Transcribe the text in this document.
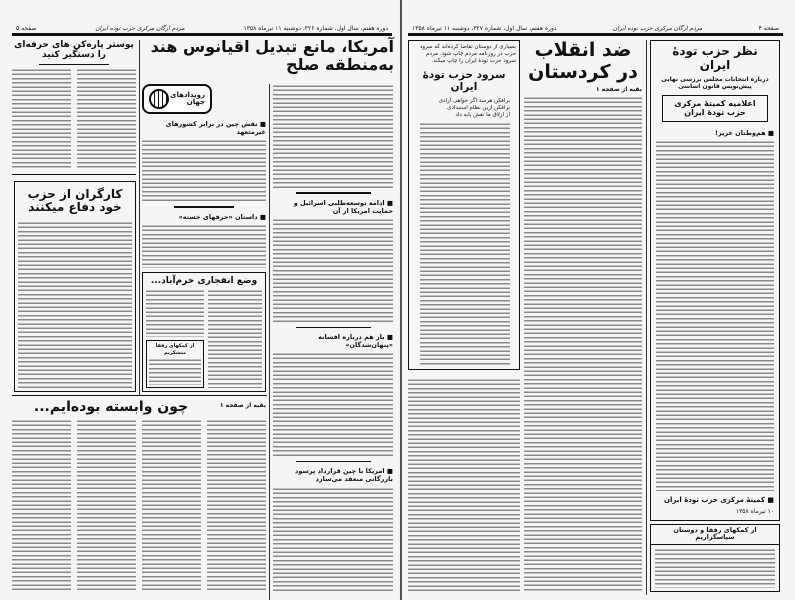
صفحه ۵	مردم ارگان مرکزی حزب توده ایران	دوره هفتم، سال اول، شماره ۳۲۶، دوشنبه ۱۱ تیرماه ۱۳۵۸
پوستر پاره‌کن های حرفه‌ای را دستگیر کنید
کارگران از حزب خود دفاع میکنند
آمریکا، مانع تبدیل اقیانوس هند به‌منطقه صلح
رویدادهای جهان
■ نقش چین در برابر کشورهای غیرمتعهد
■ داستان «حرفهای خسته»
وضع انفجاری خرم‌آباد...
از کمکهای رفقا متشکریم
■ ادامه توسعه‌طلبی اسرائیل و حمایت امریکا از آن
■ باز هم درباره افسانه «پنهان‌شدگان»
■ امریکا با چین قرارداد پرسود بازرگانی منعقد می‌سازد
بقیه از صفحه ۱
چون وابسته بوده‌ایم...
دوره هفتم، سال اول، شماره ۳۲۷، دوشنبه ۱۱ تیرماه ۱۳۵۸	مردم ارگان مرکزی حزب توده ایران	صفحه ۴
نظر حزب تودهٔ ایران
درباره انتخابات مجلس بررسی نهایی پیش‌نویس قانون اساسی
اعلامیه کمیتهٔ مرکزی حزب تودهٔ ایران
■ هم‌وطنان عزیز!
■ کمیتهٔ مرکزی حزب تودهٔ ایران
۱۰ تیرماه ۱۳۵۸
از کمکهای رفقا و دوستان سپاسگزاریم
ضد انقلاب
در کردستان
بقیه از صفحه ۱
بسیاری از دوستان تقاضا کرده‌اند که سرود حزب در روزنامه مردم چاپ شود. مردم سرود حزب تودهٔ ایران را چاپ میکند.
سرود حزب تودهٔ ایران
برافکن هرسد اگر خواهی آزادی
برافکن ازین نظام استبدادی
از ازلاق ما نقش پایه داد
